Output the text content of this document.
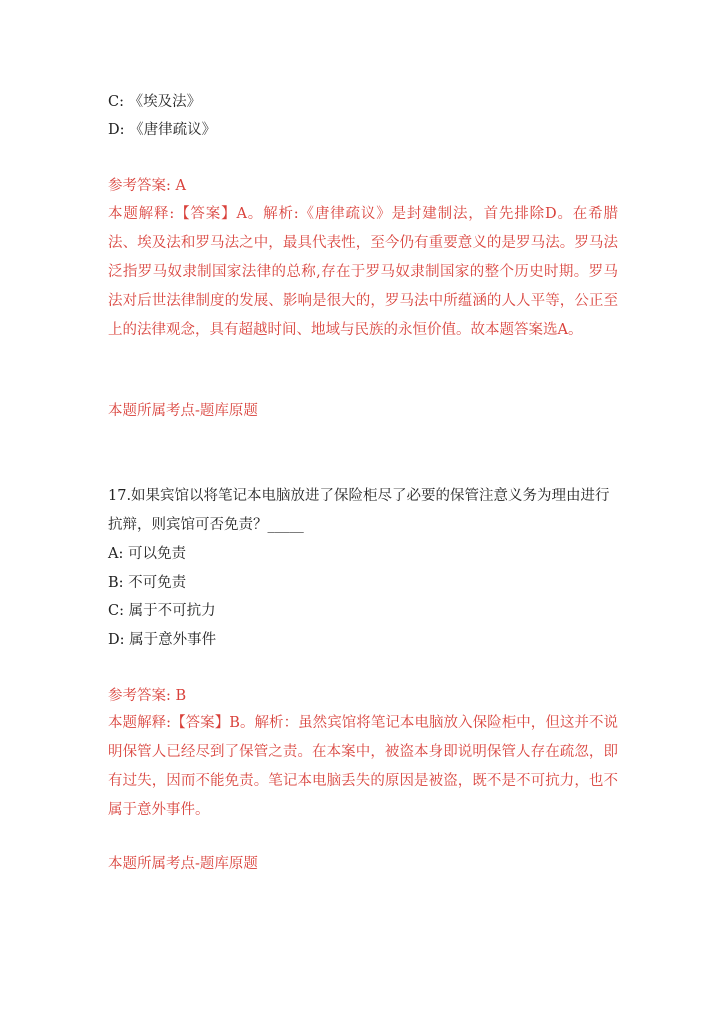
C: 《埃及法》
D: 《唐律疏议》
参考答案: A
本题解释:【答案】A。解析:《唐律疏议》是封建制法，首先排除D。在希腊法、埃及法和罗马法之中，最具代表性，至今仍有重要意义的是罗马法。罗马法泛指罗马奴隶制国家法律的总称,存在于罗马奴隶制国家的整个历史时期。罗马法对后世法律制度的发展、影响是很大的，罗马法中所蕴涵的人人平等，公正至上的法律观念，具有超越时间、地域与民族的永恒价值。故本题答案选A。
本题所属考点-题库原题
17.如果宾馆以将笔记本电脑放进了保险柜尽了必要的保管注意义务为理由进行
抗辩，则宾馆可否免责？_____
A: 可以免责
B: 不可免责
C: 属于不可抗力
D: 属于意外事件
参考答案: B
本题解释:【答案】B。解析：虽然宾馆将笔记本电脑放入保险柜中，但这并不说明保管人已经尽到了保管之责。在本案中，被盗本身即说明保管人存在疏忽，即有过失，因而不能免责。笔记本电脑丢失的原因是被盗，既不是不可抗力，也不属于意外事件。
本题所属考点-题库原题
